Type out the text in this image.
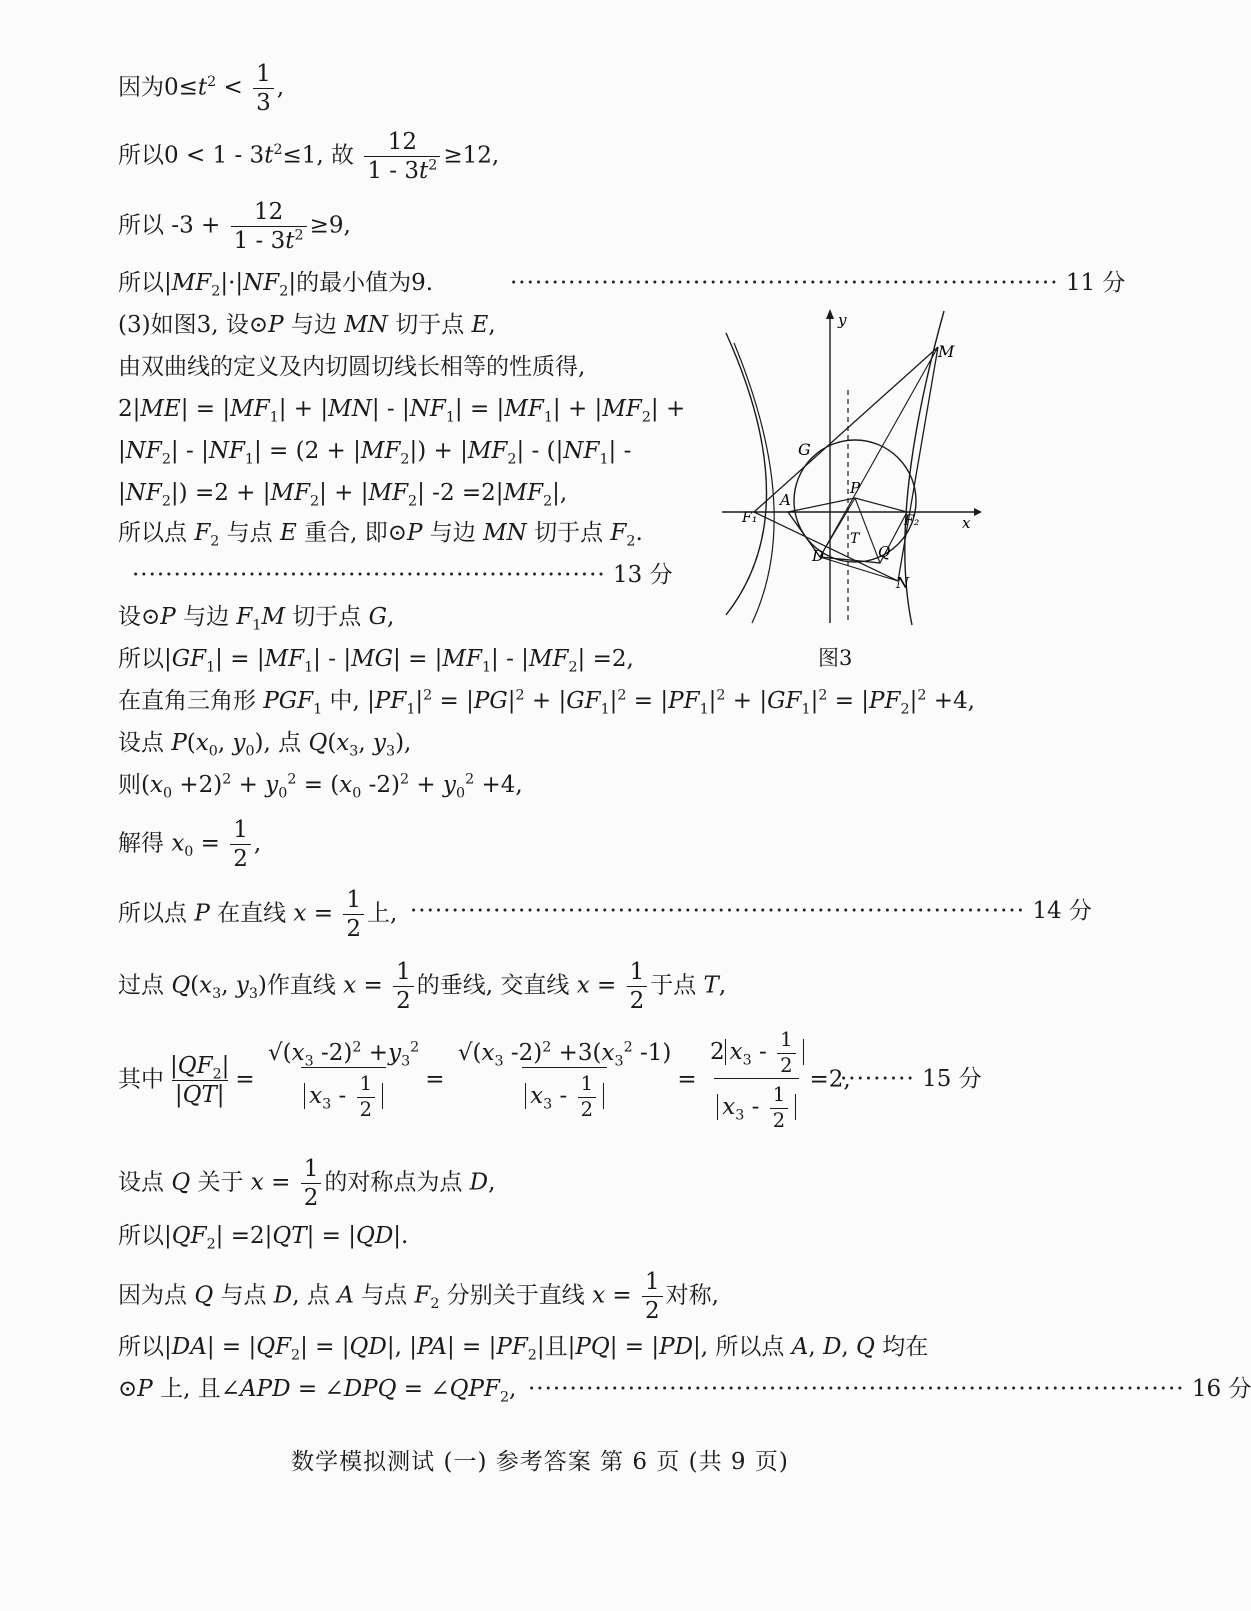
因为$0\le t^2 < \frac{1}{3}$ ,
所以$0 < 1 - 3t^2\le 1$, 故 $\frac{12}{1 - 3t^2} \ge 12$,
所以 $-3 + \frac{12}{1 - 3t^2} \ge 9$,
所以$|MF_2|\cdot|NF_2|$的最小值为9.	·································································· 11 分
(3)如图3, 设⊙P 与边 MN 切于点 E,
由双曲线的定义及内切圆切线长相等的性质得,
$2|ME| = |MF_1| + |MN| - |NF_1| = |MF_1| + |MF_2|$ +
$|NF_2| - |NF_1| = (2 + |MF_2|) + |MF_2| - (|NF_1|$ -
$|NF_2|) =2 + |MF_2| + |MF_2|$ $-2 =2|MF_2|$,
所以点 $F_2$ 与点 E 重合, 即⊙P 与边 MN 切于点 $F_2$.
························································· 13 分
设⊙P 与边 $F_1M$ 切于点 G,
所以$|GF_1| = |MF_1| - |MG| = |MF_1| - |MF_2| =2$,
在直角三角形 $PGF_1$ 中, $|PF_1|^2 = |PG|^2 + |GF_1|^2 = |PF_1|^2 + |GF_1|^2 = |PF_2|^2 +4$,
设点 $P(x_0$, $y_0$), 点 $Q(x_3$, $y_3$),
则$(x_0 +2)^2 + y_0^2 = (x_0$ $-2)^2 + y_0^2 +4$,
解得 $x_0 = \frac{1}{2}$ ,
所以点 P 在直线 $x = \frac{1}{2}$ 上, ·········································································· 14 分
过点 $Q(x_3$, $y_3$)作直线 $x = \frac{1}{2}$ 的垂线, 交直线 $x = \frac{1}{2}$ 于点 T,
其中 $\frac{|QF_2|}{|QT|} = \frac{√(x_3 -2)^2 +y_3^2}{x_3 - \frac{1}{2}} = \frac{√(x_3 -2)^2 +3(x_3^2 -1)}{x_3 - \frac{1}{2}} = \frac{2 x_3 - \frac{1}{2}}{x_3 - \frac{1}{2}} =2$,
········· 15 分
设点 Q 关于 $x = \frac{1}{2}$ 的对称点为点 D,
所以$|QF_2| =2|QT| = |QD|$.
因为点 Q 与点 D, 点 A 与点 $F_2$ 分别关于直线 $x = \frac{1}{2}$ 对称,
所以$|DA| = |QF_2| = |QD|$, $|PA| = |PF_2|$且|PQ| = |PD|, 所以点 A, D, Q 均在
⊙P 上, 且∠APD = ∠DPQ = $\angle QPF_2$, ··············································································· 16 分
y
x
M
G
P
A
F₁	F₂
T
Q
D
N
图3
数学模拟测试 (一) 参考答案 第 6 页 (共 9 页)
